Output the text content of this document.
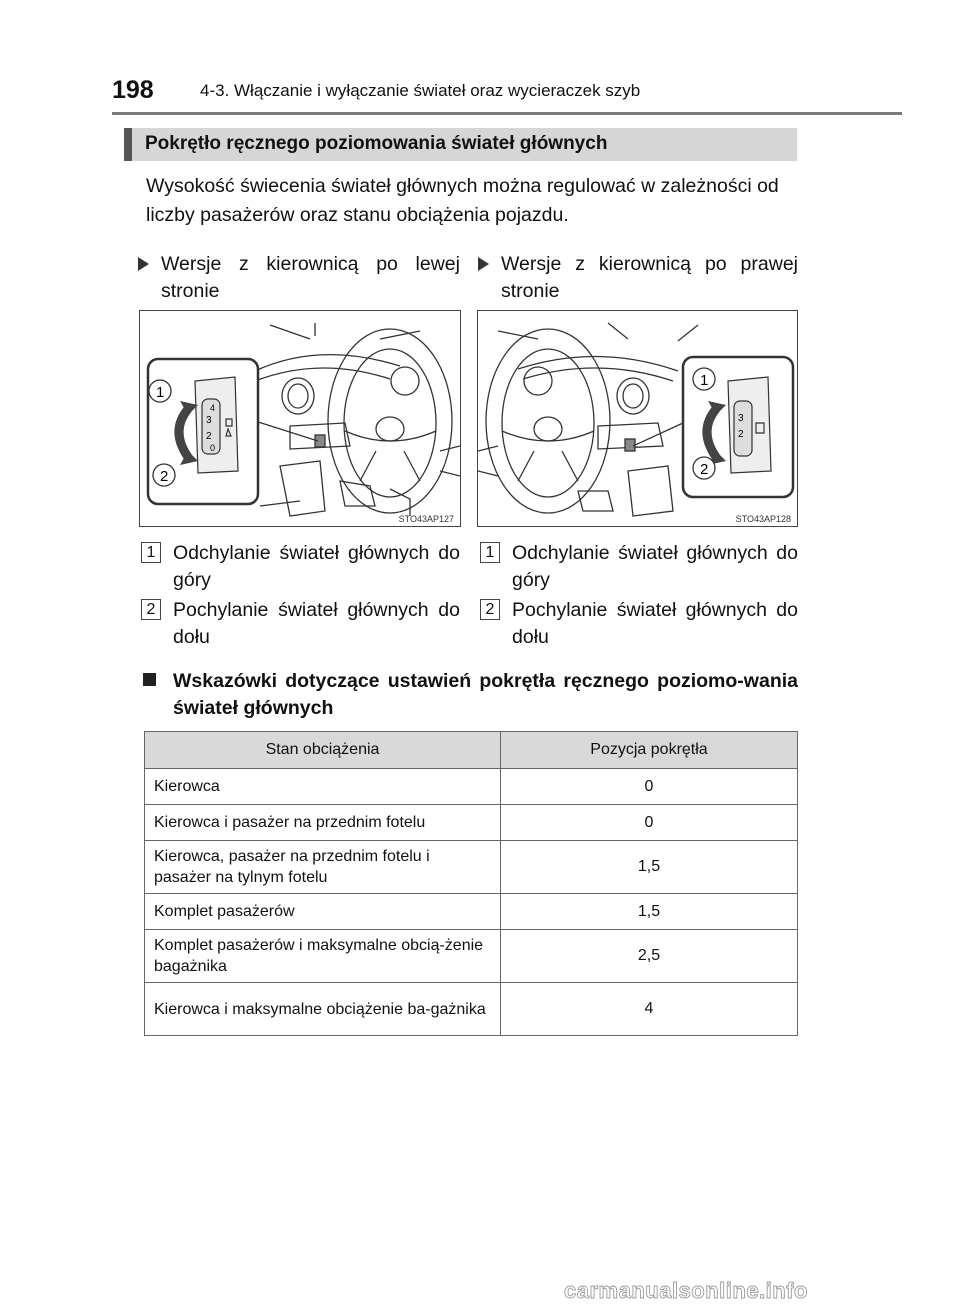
198	4-3. Włączanie i wyłączanie świateł oraz wycieraczek szyb
Pokrętło ręcznego poziomowania świateł głównych
Wysokość świecenia świateł głównych można regulować w zależności od liczby pasażerów oraz stanu obciążenia pojazdu.
Wersje z kierownicą po lewej stronie
Wersje z kierownicą po prawej stronie
3
2
4
0
1
2
STO43AP127
3
2
1
2
STO43AP128
1 Odchylanie świateł głównych do góry
2 Pochylanie świateł głównych do dołu
1 Odchylanie świateł głównych do góry
2 Pochylanie świateł głównych do dołu
Wskazówki dotyczące ustawień pokrętła ręcznego poziomo-wania świateł głównych
Stan obciążenia	Pozycja pokrętła
Kierowca	0
Kierowca i pasażer na przednim fotelu	0
Kierowca, pasażer na przednim fotelu i pasażer na tylnym fotelu	1,5
Komplet pasażerów	1,5
Komplet pasażerów i maksymalne obcią-żenie bagażnika	2,5
Kierowca i maksymalne obciążenie ba-gażnika	4
carmanualsonline.info
